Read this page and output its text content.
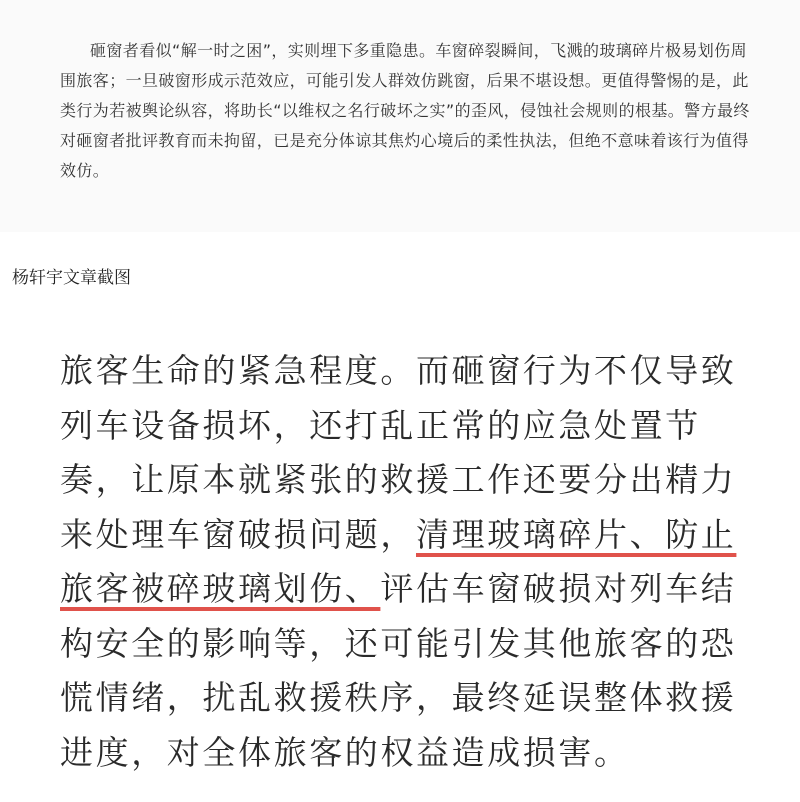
砸窗者看似“解一时之困”，实则埋下多重隐患。车窗碎裂瞬间，飞溅的玻璃碎片极易划伤周围旅客；一旦破窗形成示范效应，可能引发人群效仿跳窗，后果不堪设想。更值得警惕的是，此类行为若被舆论纵容，将助长“以维权之名行破坏之实”的歪风，侵蚀社会规则的根基。警方最终对砸窗者批评教育而未拘留，已是充分体谅其焦灼心境后的柔性执法，但绝不意味着该行为值得效仿。

杨轩宇文章截图

旅客生命的紧急程度。而砸窗行为不仅导致列车设备损坏，还打乱正常的应急处置节奏，让原本就紧张的救援工作还要分出精力来处理车窗破损问题，清理玻璃碎片、防止旅客被碎玻璃划伤、评估车窗破损对列车结构安全的影响等，还可能引发其他旅客的恐慌情绪，扰乱救援秩序，最终延误整体救援进度，对全体旅客的权益造成损害。
